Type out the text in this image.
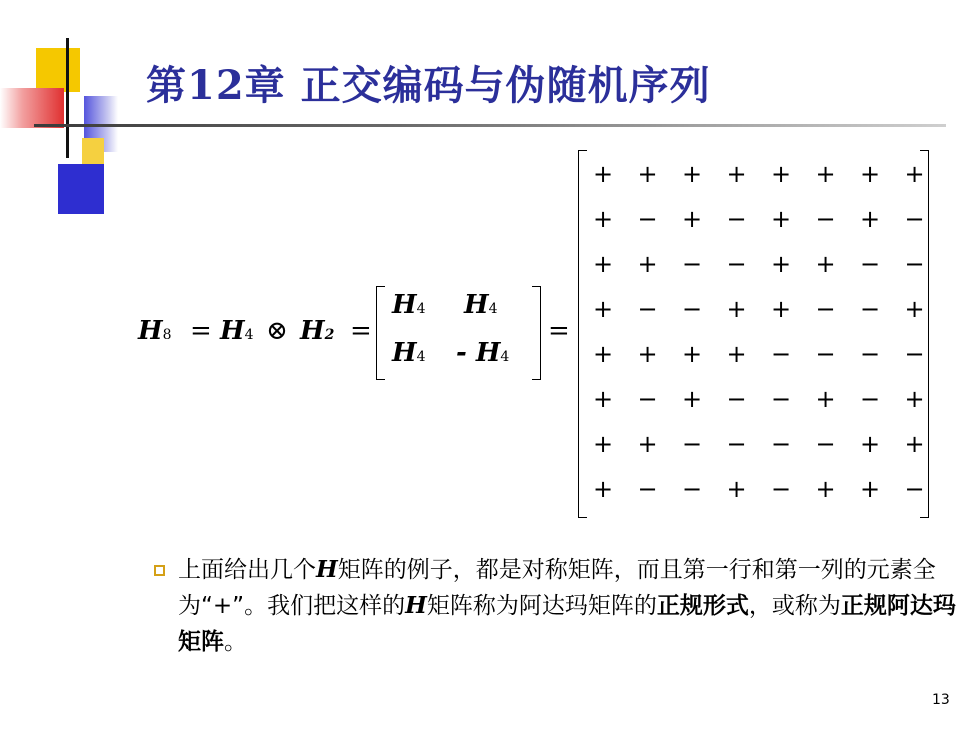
第12章 正交编码与伪随机序列
H8 = H4 ⊗ H2 =
H4 H4
H4 - H4
=
+ + + + + + + +
+ − + − + − + −
+ + − − + + − −
+ − − + + − − +
+ + + + − − − −
+ − + − − + − +
+ + − − − − + +
+ − − + − + + −
上面给出几个H矩阵的例子，都是对称矩阵，而且第一行和第一列的元素全为“+”。我们把这样的H矩阵称为阿达玛矩阵的正规形式，或称为正规阿达玛矩阵。
13
